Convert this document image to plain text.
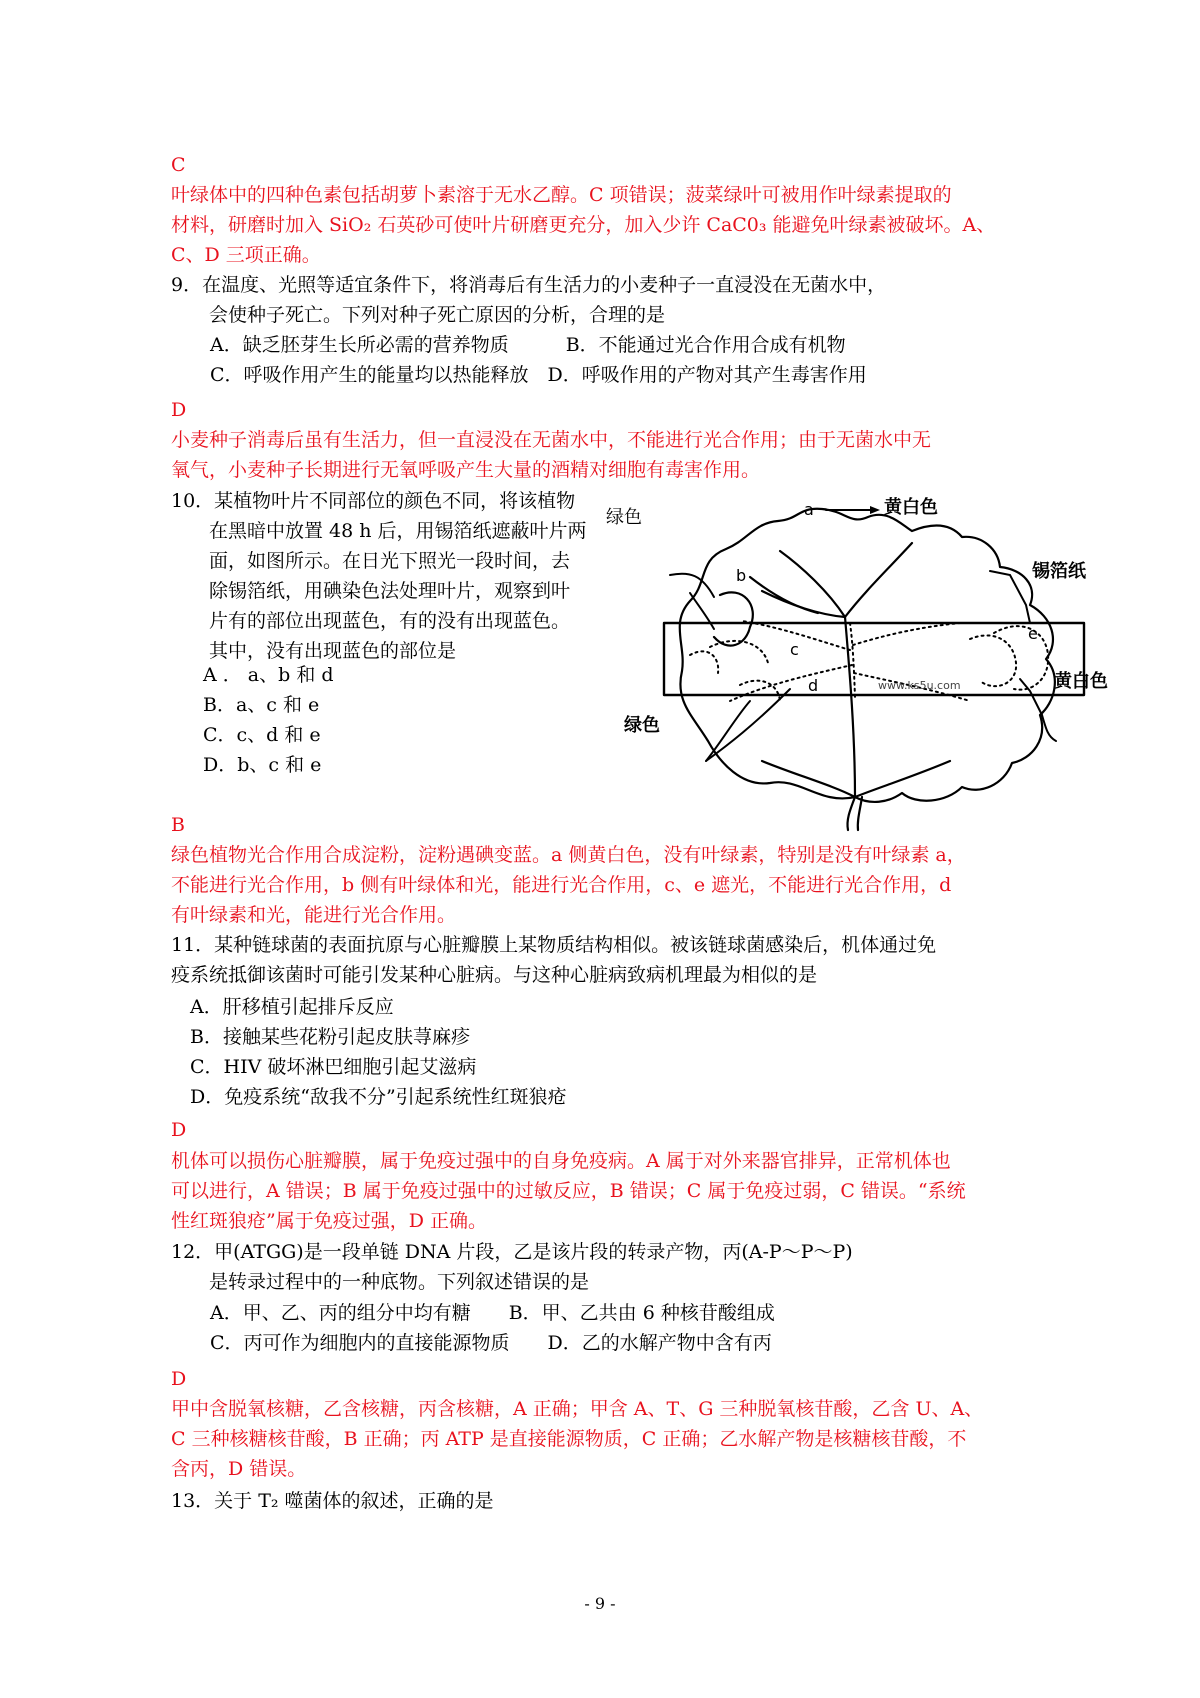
C
叶绿体中的四种色素包括胡萝卜素溶于无水乙醇。C 项错误；菠菜绿叶可被用作叶绿素提取的
材料，研磨时加入 SiO₂ 石英砂可使叶片研磨更充分，加入少许 CaC0₃ 能避免叶绿素被破坏。A、
C、D 三项正确。
9．在温度、光照等适宜条件下，将消毒后有生活力的小麦种子一直浸没在无菌水中，
　　会使种子死亡。下列对种子死亡原因的分析，合理的是
A．缺乏胚芽生长所必需的营养物质　　　B．不能通过光合作用合成有机物
C．呼吸作用产生的能量均以热能释放　D．呼吸作用的产物对其产生毒害作用
D
小麦种子消毒后虽有生活力，但一直浸没在无菌水中，不能进行光合作用；由于无菌水中无
氧气，小麦种子长期进行无氧呼吸产生大量的酒精对细胞有毒害作用。
10．某植物叶片不同部位的颜色不同，将该植物
　　在黑暗中放置 48 h 后，用锡箔纸遮蔽叶片两
　　面，如图所示。在日光下照光一段时间，去
　　除锡箔纸，用碘染色法处理叶片，观察到叶
　　片有的部位出现蓝色，有的没有出现蓝色。
　　其中，没有出现蓝色的部位是
A ． a、b 和 d
B．a、c 和 e
C．c、d 和 e
D．b、c 和 e
B
绿色植物光合作用合成淀粉，淀粉遇碘变蓝。a 侧黄白色，没有叶绿素，特别是没有叶绿素 a，
不能进行光合作用，b 侧有叶绿体和光，能进行光合作用，c、e 遮光，不能进行光合作用，d
有叶绿素和光，能进行光合作用。
11．某种链球菌的表面抗原与心脏瓣膜上某物质结构相似。被该链球菌感染后，机体通过免
疫系统抵御该菌时可能引发某种心脏病。与这种心脏病致病机理最为相似的是
A．肝移植引起排斥反应
B．接触某些花粉引起皮肤荨麻疹
C．HIV 破坏淋巴细胞引起艾滋病
D．免疫系统“敌我不分”引起系统性红斑狼疮
D
机体可以损伤心脏瓣膜，属于免疫过强中的自身免疫病。A 属于对外来器官排异，正常机体也
可以进行，A 错误；B 属于免疫过强中的过敏反应，B 错误；C 属于免疫过弱，C 错误。“系统
性红斑狼疮”属于免疫过强，D 正确。
12．甲(ATGG)是一段单链 DNA 片段，乙是该片段的转录产物，丙(A-P～P～P)
　　是转录过程中的一种底物。下列叙述错误的是
A．甲、乙、丙的组分中均有糖　　B．甲、乙共由 6 种核苷酸组成
C．丙可作为细胞内的直接能源物质　　D．乙的水解产物中含有丙
D
甲中含脱氧核糖，乙含核糖，丙含核糖，A 正确；甲含 A、T、G 三种脱氧核苷酸，乙含 U、A、
C 三种核糖核苷酸，B 正确；丙 ATP 是直接能源物质，C 正确；乙水解产物是核糖核苷酸，不
含丙，D 错误。
13．关于 T₂ 噬菌体的叙述，正确的是
绿色	a
b
c
d
e
黄白色
锡箔纸
黄白色
绿色
www.ks5u.com
- 9 -
